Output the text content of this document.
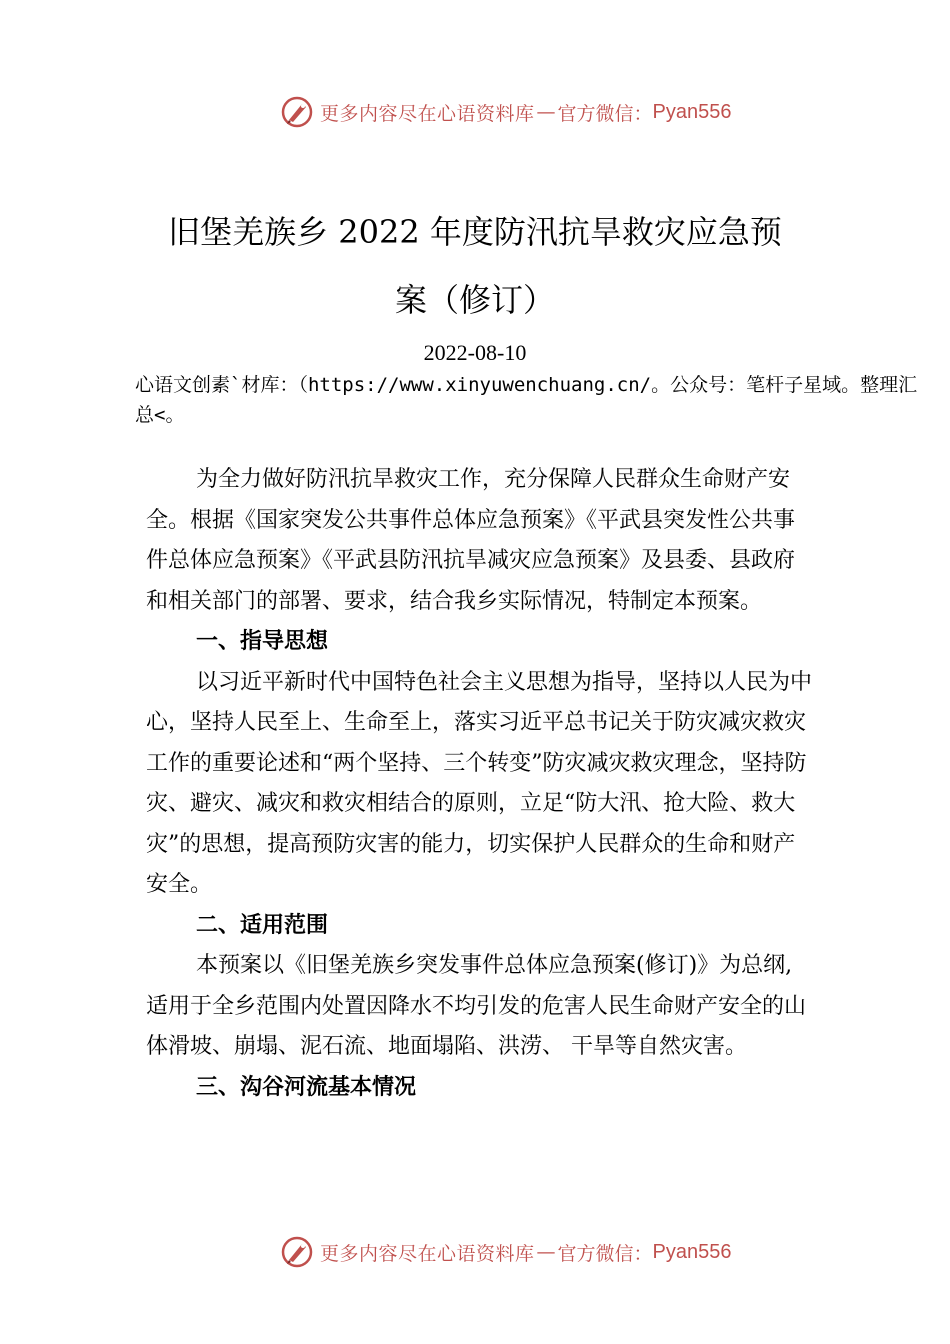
更多内容尽在心语资料库 — 官方微信： Pyan556
旧堡羌族乡 2022 年度防汛抗旱救灾应急预
案（修订）
2022-08-10

心语文创素`材库：（https://www.xinyuwenchuang.cn/。公众号：笔杆子星域。整理汇总<。

为全力做好防汛抗旱救灾工作，充分保障人民群众生命财产安全。根据《国家突发公共事件总体应急预案》《平武县突发性公共事件总体应急预案》《平武县防汛抗旱减灾应急预案》及县委、县政府和相关部门的部署、要求，结合我乡实际情况，特制定本预案。

一、指导思想

以习近平新时代中国特色社会主义思想为指导，坚持以人民为中心，坚持人民至上、生命至上，落实习近平总书记关于防灾减灾救灾工作的重要论述和“两个坚持、三个转变”防灾减灾救灾理念，坚持防灾、避灾、减灾和救灾相结合的原则，立足“防大汛、抢大险、救大灾”的思想，提高预防灾害的能力，切实保护人民群众的生命和财产安全。

二、适用范围

本预案以《旧堡羌族乡突发事件总体应急预案(修订)》为总纲,适用于全乡范围内处置因降水不均引发的危害人民生命财产安全的山体滑坡、崩塌、泥石流、地面塌陷、洪涝、 干旱等自然灾害。

三、沟谷河流基本情况

更多内容尽在心语资料库 — 官方微信： Pyan556
